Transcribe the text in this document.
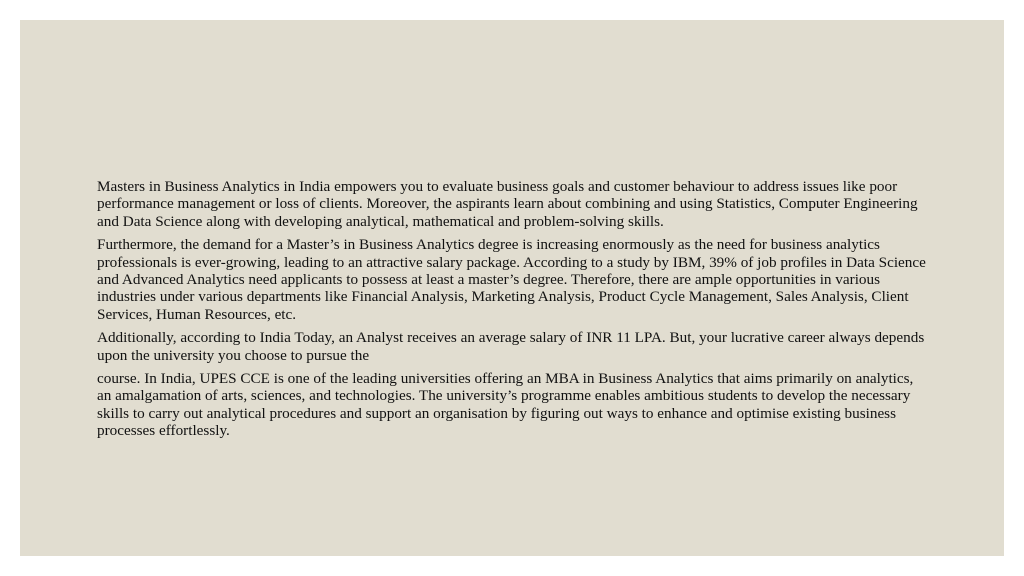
Masters in Business Analytics in India empowers you to evaluate business goals and customer behaviour to address issues like poor performance management or loss of clients. Moreover, the aspirants learn about combining and using Statistics, Computer Engineering and Data Science along with developing analytical, mathematical and problem-solving skills.

Furthermore, the demand for a Master’s in Business Analytics degree is increasing enormously as the need for business analytics professionals is ever-growing, leading to an attractive salary package. According to a study by IBM, 39% of job profiles in Data Science and Advanced Analytics need applicants to possess at least a master’s degree. Therefore, there are ample opportunities in various industries under various departments like Financial Analysis, Marketing Analysis, Product Cycle Management, Sales Analysis, Client Services, Human Resources, etc.

Additionally, according to India Today, an Analyst receives an average salary of INR 11 LPA. But, your lucrative career always depends upon the university you choose to pursue the

course. In India, UPES CCE is one of the leading universities offering an MBA in Business Analytics that aims primarily on analytics, an amalgamation of arts, sciences, and technologies. The university’s programme enables ambitious students to develop the necessary skills to carry out analytical procedures and support an organisation by figuring out ways to enhance and optimise existing business processes effortlessly.
